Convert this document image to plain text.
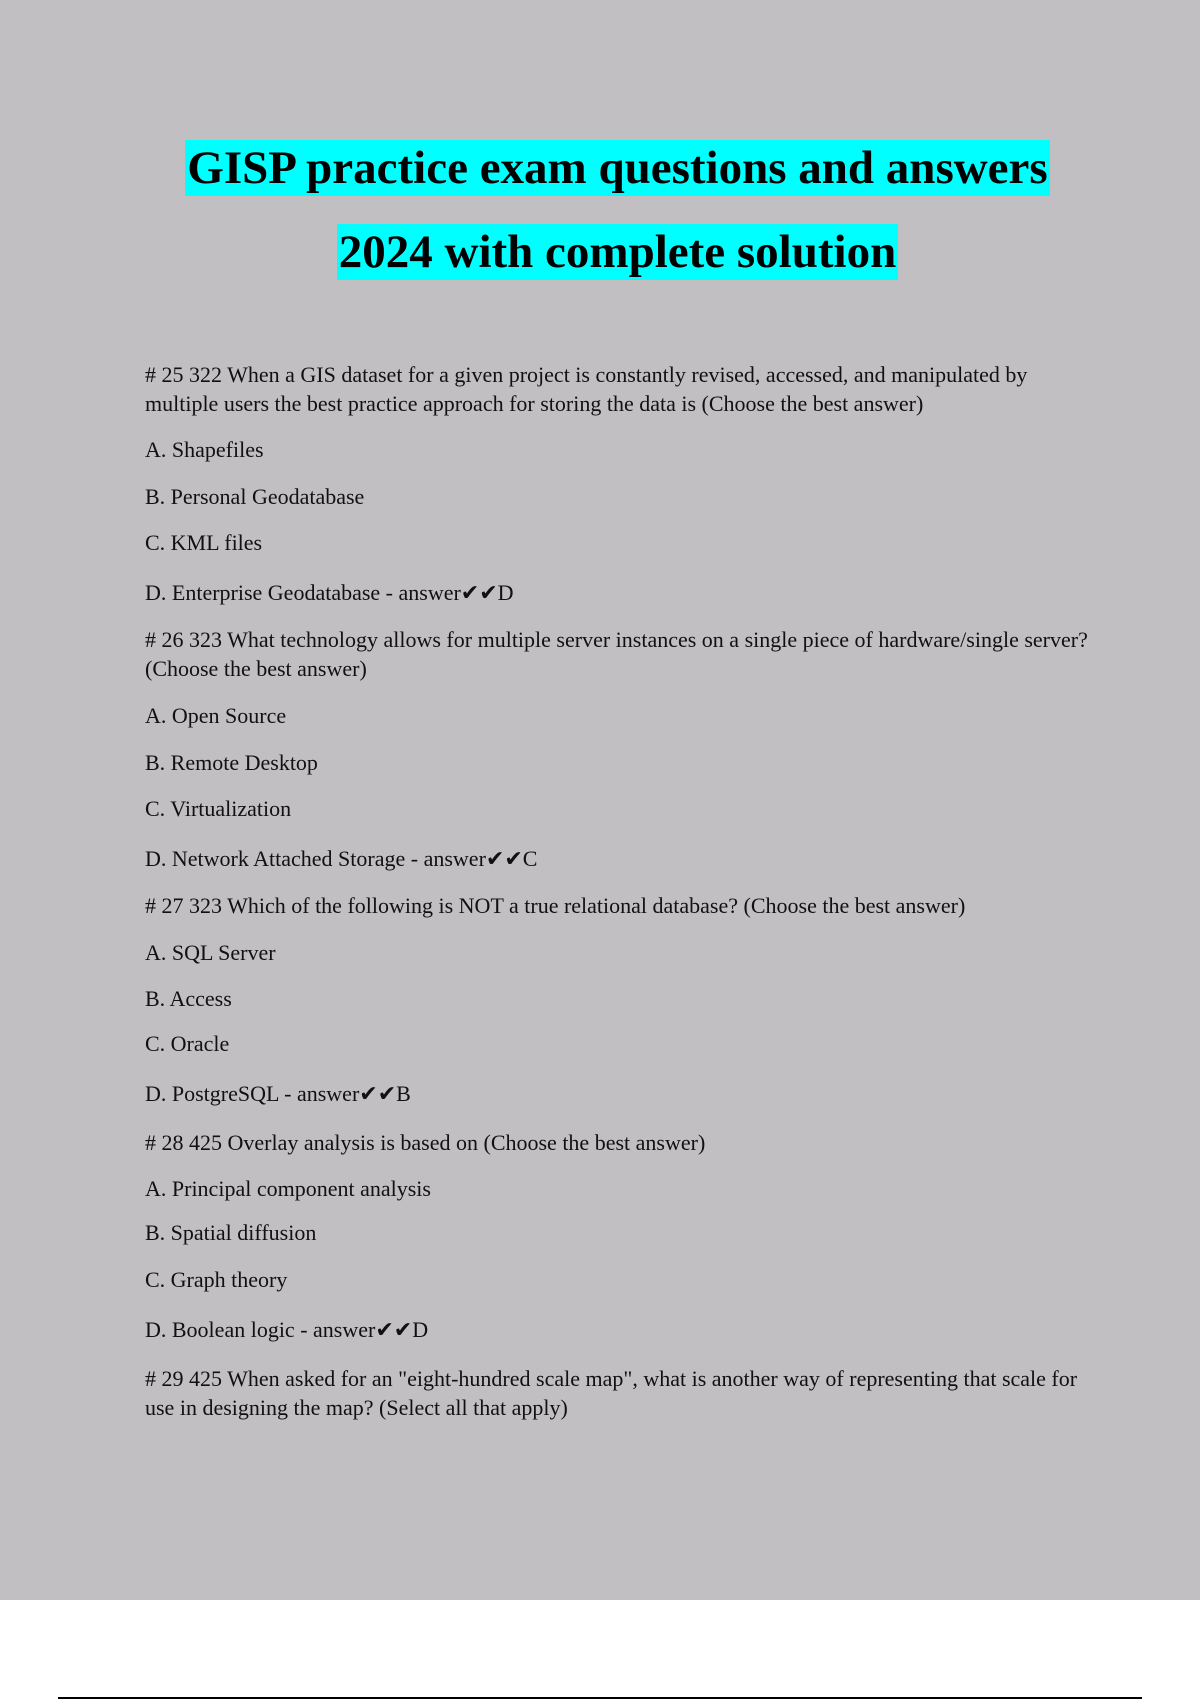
GISP practice exam questions and answers
2024 with complete solution

# 25 322 When a GIS dataset for a given project is constantly revised, accessed, and manipulated by multiple users the best practice approach for storing the data is (Choose the best answer)

A. Shapefiles

B. Personal Geodatabase

C. KML files

D. Enterprise Geodatabase - answer✔✔D

# 26 323 What technology allows for multiple server instances on a single piece of hardware/single server? (Choose the best answer)

A. Open Source

B. Remote Desktop

C. Virtualization

D. Network Attached Storage - answer✔✔C

# 27 323 Which of the following is NOT a true relational database? (Choose the best answer)

A. SQL Server

B. Access

C. Oracle

D. PostgreSQL - answer✔✔B

# 28 425 Overlay analysis is based on (Choose the best answer)

A. Principal component analysis

B. Spatial diffusion

C. Graph theory

D. Boolean logic - answer✔✔D

# 29 425 When asked for an "eight-hundred scale map", what is another way of representing that scale for use in designing the map? (Select all that apply)
